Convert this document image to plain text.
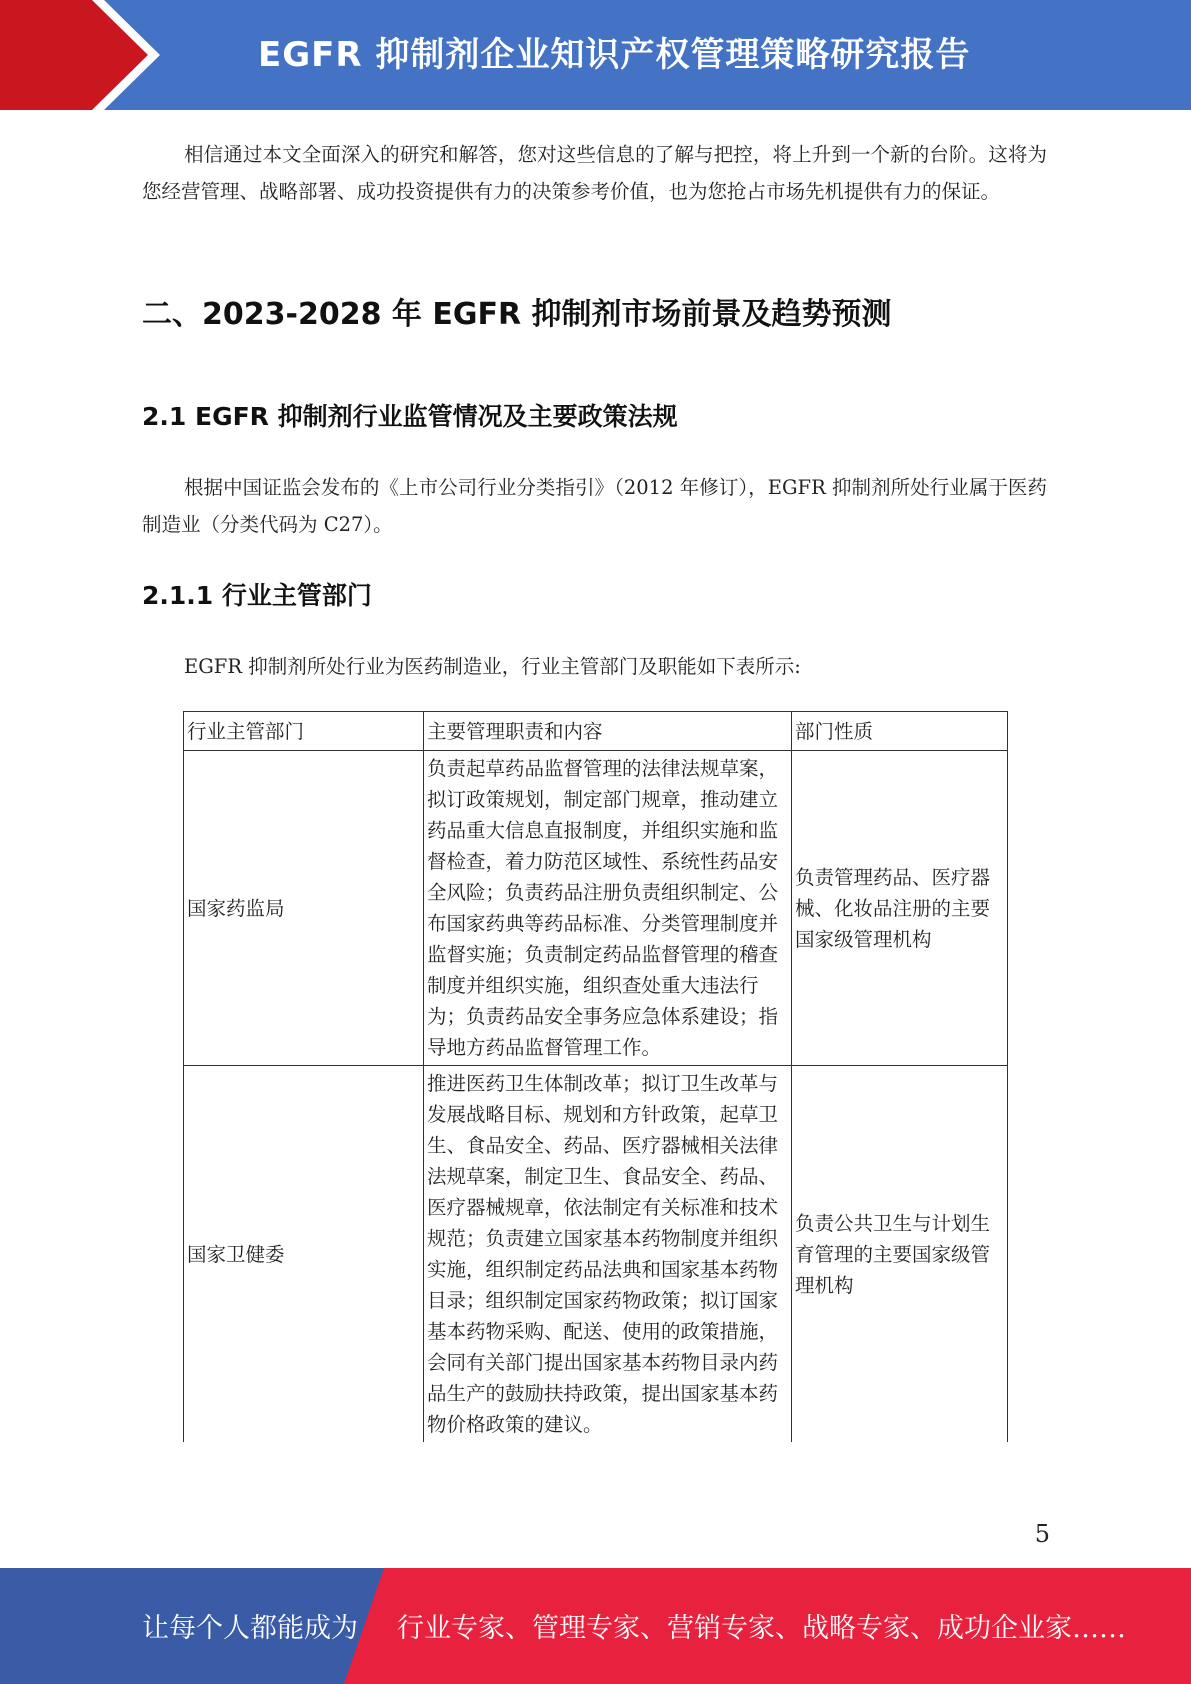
EGFR 抑制剂企业知识产权管理策略研究报告

相信通过本文全面深入的研究和解答，您对这些信息的了解与把控，将上升到一个新的台阶。这将为您经营管理、战略部署、成功投资提供有力的决策参考价值，也为您抢占市场先机提供有力的保证。

二、2023-2028 年 EGFR 抑制剂市场前景及趋势预测
2.1 EGFR 抑制剂行业监管情况及主要政策法规

根据中国证监会发布的《上市公司行业分类指引》（2012 年修订），EGFR 抑制剂所处行业属于医药制造业（分类代码为 C27）。

2.1.1 行业主管部门

EGFR 抑制剂所处行业为医药制造业，行业主管部门及职能如下表所示:

行业主管部门	主要管理职责和内容	部门性质
国家药监局	负责起草药品监督管理的法律法规草案，拟订政策规划，制定部门规章，推动建立药品重大信息直报制度，并组织实施和监督检查，着力防范区域性、系统性药品安全风险；负责药品注册负责组织制定、公布国家药典等药品标准、分类管理制度并监督实施；负责制定药品监督管理的稽查制度并组织实施，组织查处重大违法行为；负责药品安全事务应急体系建设；指导地方药品监督管理工作。	负责管理药品、医疗器械、化妆品注册的主要国家级管理机构
国家卫健委	推进医药卫生体制改革；拟订卫生改革与发展战略目标、规划和方针政策，起草卫生、食品安全、药品、医疗器械相关法律法规草案，制定卫生、食品安全、药品、医疗器械规章，依法制定有关标准和技术规范；负责建立国家基本药物制度并组织实施，组织制定药品法典和国家基本药物目录；组织制定国家药物政策；拟订国家基本药物采购、配送、使用的政策措施，会同有关部门提出国家基本药物目录内药品生产的鼓励扶持政策，提出国家基本药物价格政策的建议。	负责公共卫生与计划生育管理的主要国家级管理机构
5
让每个人都能成为 行业专家、管理专家、营销专家、战略专家、成功企业家……
